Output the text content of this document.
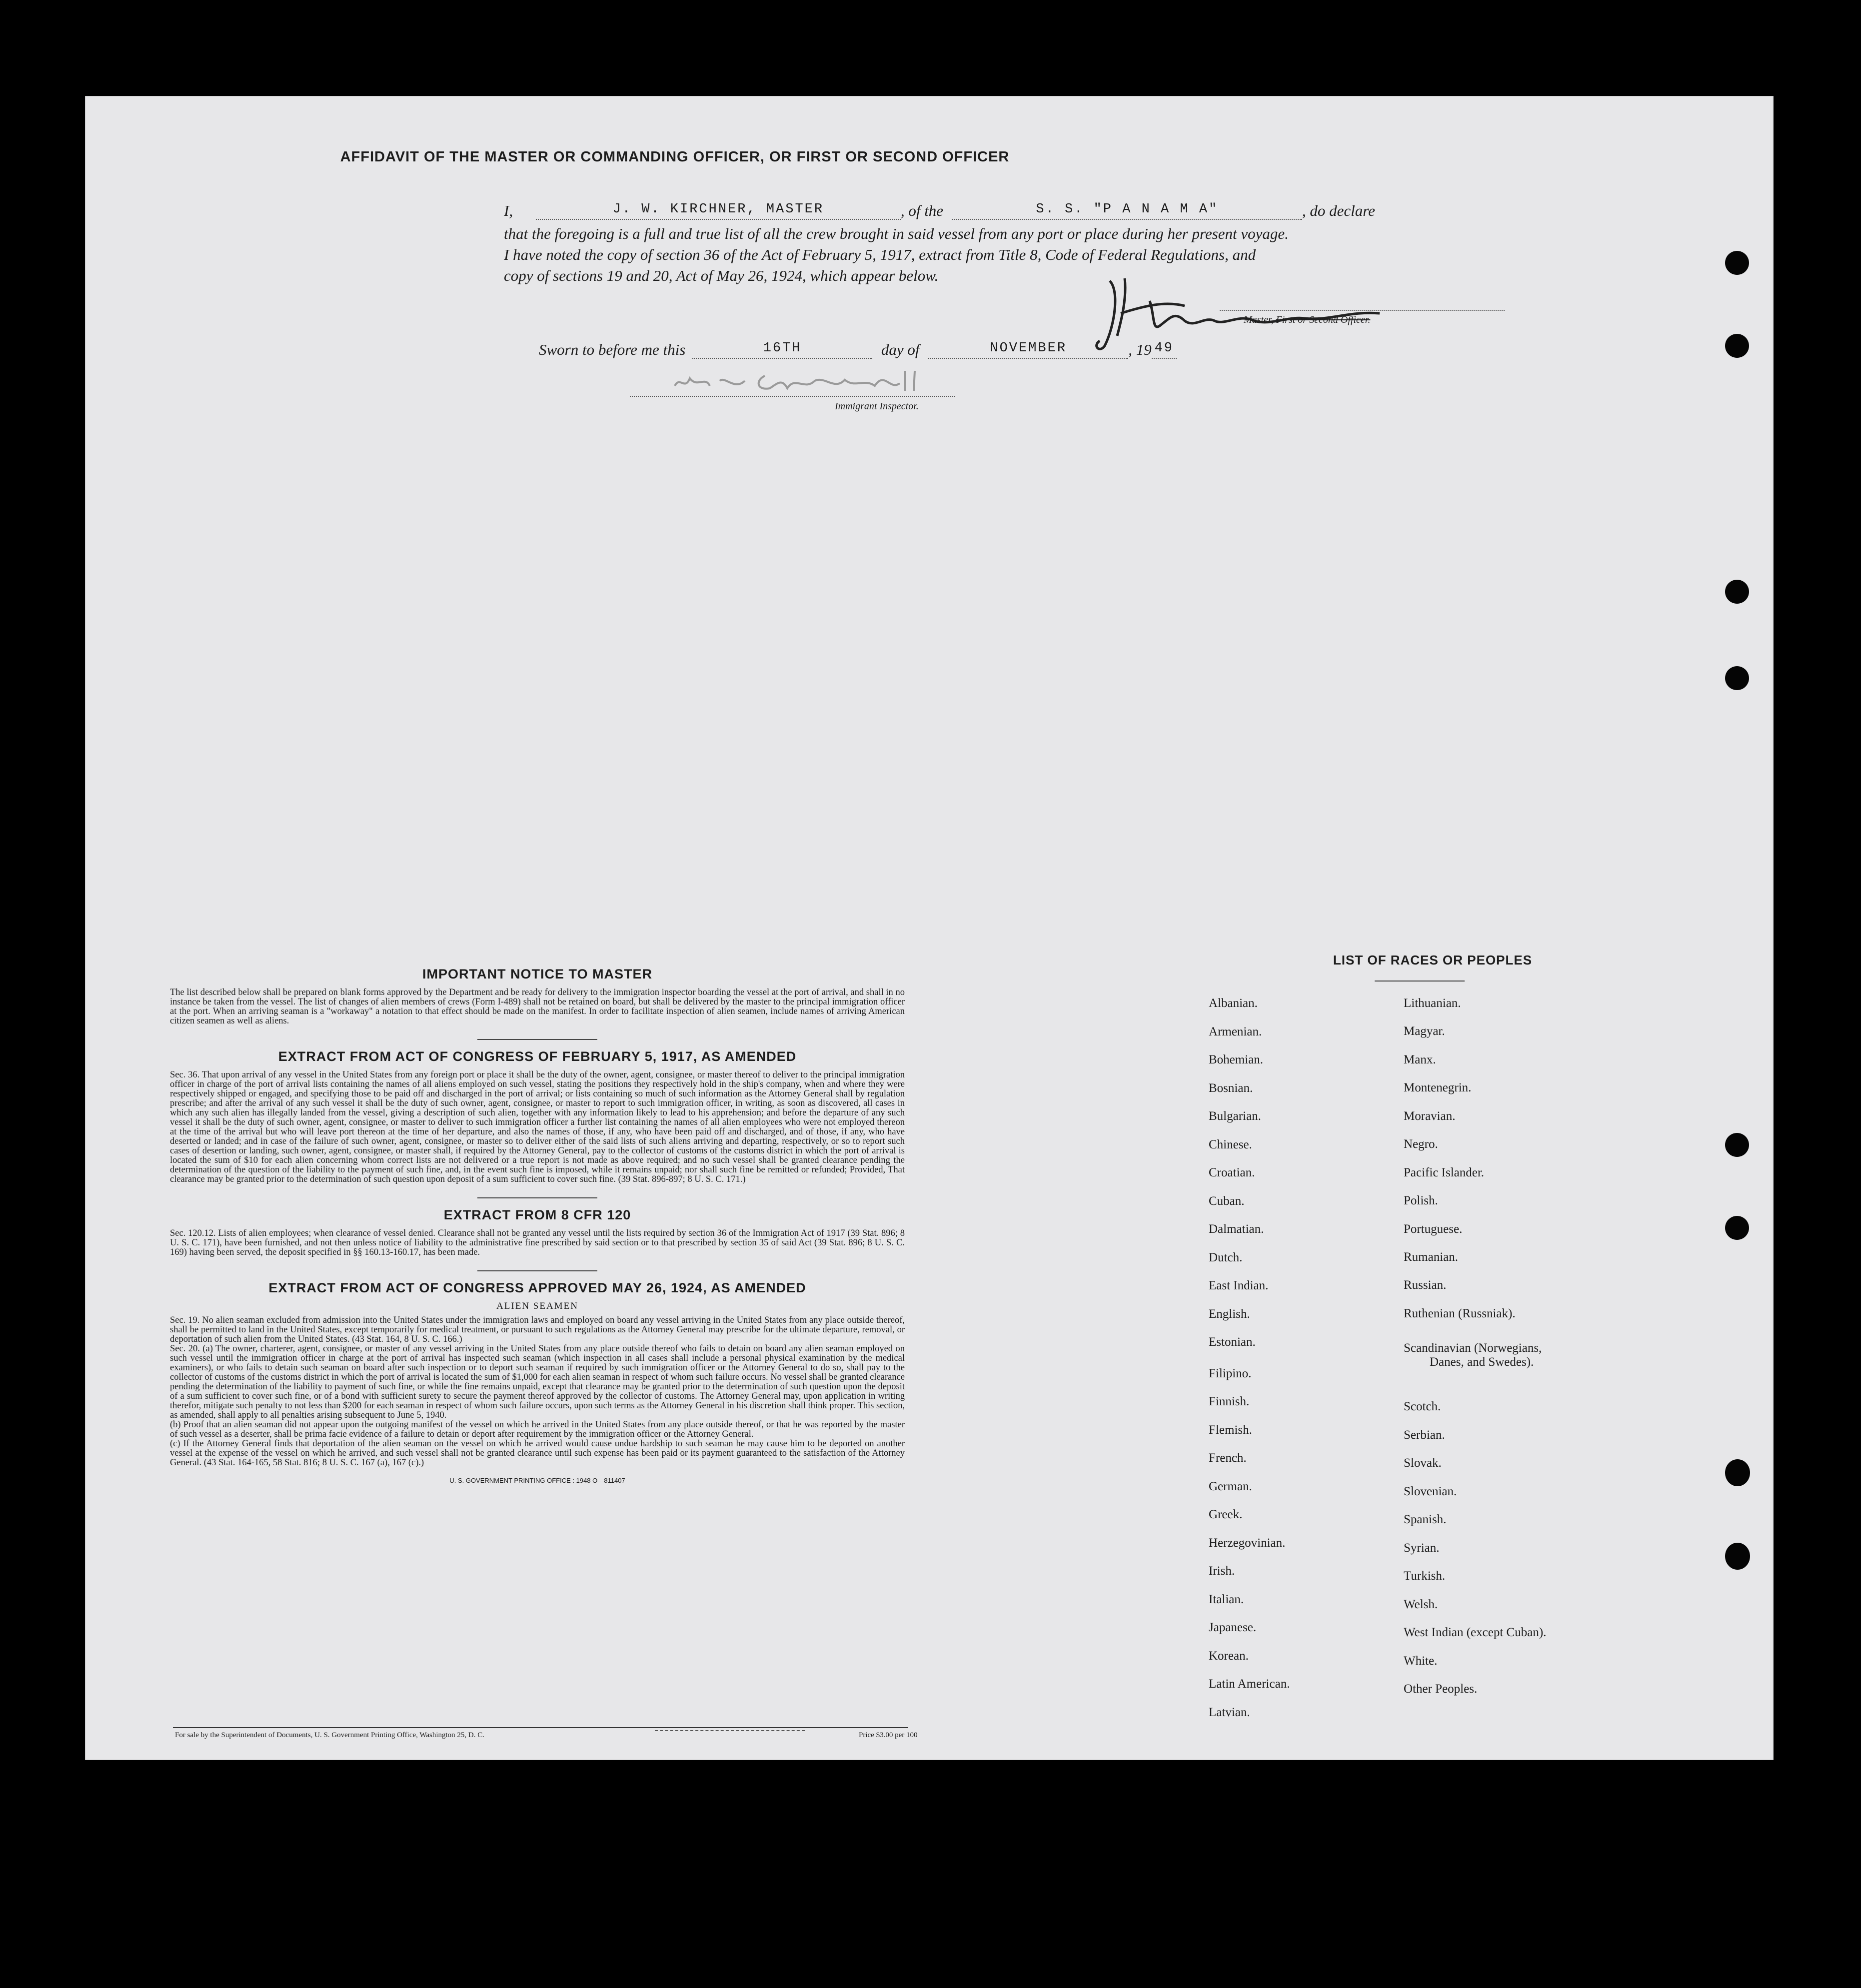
AFFIDAVIT OF THE MASTER OR COMMANDING OFFICER, OR FIRST OR SECOND OFFICER
I,	J. W. KIRCHNER, MASTER	, of the	S. S. "P A N A M A"	, do declare
that the foregoing is a full and true list of all the crew brought in said vessel from any port or place during her present voyage.
I have noted the copy of section 36 of the Act of February 5, 1917, extract from Title 8, Code of Federal Regulations, and
copy of sections 19 and 20, Act of May 26, 1924, which appear below.
Master, First or Second Officer.
Sworn to before me this	16TH	day of	NOVEMBER	, 19 49
Immigrant Inspector.
IMPORTANT NOTICE TO MASTER
The list described below shall be prepared on blank forms approved by the Department and be ready for delivery to the immigration inspector boarding the vessel at the port of arrival, and shall in no instance be taken from the vessel. The list of changes of alien members of crews (Form I-489) shall not be retained on board, but shall be delivered by the master to the principal immigration officer at the port. When an arriving seaman is a "workaway" a notation to that effect should be made on the manifest. In order to facilitate inspection of alien seamen, include names of arriving American citizen seamen as well as aliens.
EXTRACT FROM ACT OF CONGRESS OF FEBRUARY 5, 1917, AS AMENDED
Sec. 36. That upon arrival of any vessel in the United States from any foreign port or place it shall be the duty of the owner, agent, consignee, or master thereof to deliver to the principal immigration officer in charge of the port of arrival lists containing the names of all aliens employed on such vessel, stating the positions they respectively hold in the ship's company, when and where they were respectively shipped or engaged, and specifying those to be paid off and discharged in the port of arrival; or lists containing so much of such information as the Attorney General shall by regulation prescribe; and after the arrival of any such vessel it shall be the duty of such owner, agent, consignee, or master to report to such immigration officer, in writing, as soon as discovered, all cases in which any such alien has illegally landed from the vessel, giving a description of such alien, together with any information likely to lead to his apprehension; and before the departure of any such vessel it shall be the duty of such owner, agent, consignee, or master to deliver to such immigration officer a further list containing the names of all alien employees who were not employed thereon at the time of the arrival but who will leave port thereon at the time of her departure, and also the names of those, if any, who have been paid off and discharged, and of those, if any, who have deserted or landed; and in case of the failure of such owner, agent, consignee, or master so to deliver either of the said lists of such aliens arriving and departing, respectively, or so to report such cases of desertion or landing, such owner, agent, consignee, or master shall, if required by the Attorney General, pay to the collector of customs of the customs district in which the port of arrival is located the sum of $10 for each alien concerning whom correct lists are not delivered or a true report is not made as above required; and no such vessel shall be granted clearance pending the determination of the question of the liability to the payment of such fine, and, in the event such fine is imposed, while it remains unpaid; nor shall such fine be remitted or refunded; Provided, That clearance may be granted prior to the determination of such question upon deposit of a sum sufficient to cover such fine. (39 Stat. 896-897; 8 U. S. C. 171.)
EXTRACT FROM 8 CFR 120
Sec. 120.12. Lists of alien employees; when clearance of vessel denied. Clearance shall not be granted any vessel until the lists required by section 36 of the Immigration Act of 1917 (39 Stat. 896; 8 U. S. C. 171), have been furnished, and not then unless notice of liability to the administrative fine prescribed by said section or to that prescribed by section 35 of said Act (39 Stat. 896; 8 U. S. C. 169) having been served, the deposit specified in §§ 160.13-160.17, has been made.
EXTRACT FROM ACT OF CONGRESS APPROVED MAY 26, 1924, AS AMENDED
ALIEN SEAMEN
Sec. 19. No alien seaman excluded from admission into the United States under the immigration laws and employed on board any vessel arriving in the United States from any place outside thereof, shall be permitted to land in the United States, except temporarily for medical treatment, or pursuant to such regulations as the Attorney General may prescribe for the ultimate departure, removal, or deportation of such alien from the United States. (43 Stat. 164, 8 U. S. C. 166.)
Sec. 20. (a) The owner, charterer, agent, consignee, or master of any vessel arriving in the United States from any place outside thereof who fails to detain on board any alien seaman employed on such vessel until the immigration officer in charge at the port of arrival has inspected such seaman (which inspection in all cases shall include a personal physical examination by the medical examiners), or who fails to detain such seaman on board after such inspection or to deport such seaman if required by such immigration officer or the Attorney General to do so, shall pay to the collector of customs of the customs district in which the port of arrival is located the sum of $1,000 for each alien seaman in respect of whom such failure occurs. No vessel shall be granted clearance pending the determination of the liability to payment of such fine, or while the fine remains unpaid, except that clearance may be granted prior to the determination of such question upon the deposit of a sum sufficient to cover such fine, or of a bond with sufficient surety to secure the payment thereof approved by the collector of customs. The Attorney General may, upon application in writing therefor, mitigate such penalty to not less than $200 for each seaman in respect of whom such failure occurs, upon such terms as the Attorney General in his discretion shall think proper. This section, as amended, shall apply to all penalties arising subsequent to June 5, 1940.
(b) Proof that an alien seaman did not appear upon the outgoing manifest of the vessel on which he arrived in the United States from any place outside thereof, or that he was reported by the master of such vessel as a deserter, shall be prima facie evidence of a failure to detain or deport after requirement by the immigration officer or the Attorney General.
(c) If the Attorney General finds that deportation of the alien seaman on the vessel on which he arrived would cause undue hardship to such seaman he may cause him to be deported on another vessel at the expense of the vessel on which he arrived, and such vessel shall not be granted clearance until such expense has been paid or its payment guaranteed to the satisfaction of the Attorney General. (43 Stat. 164-165, 58 Stat. 816; 8 U. S. C. 167 (a), 167 (c).)
U. S. GOVERNMENT PRINTING OFFICE : 1948 O—811407
For sale by the Superintendent of Documents, U. S. Government Printing Office, Washington 25, D. C.	Price $3.00 per 100
LIST OF RACES OR PEOPLES
Albanian.
Armenian.
Bohemian.
Bosnian.
Bulgarian.
Chinese.
Croatian.
Cuban.
Dalmatian.
Dutch.
East Indian.
English.
Estonian.
Filipino.
Finnish.
Flemish.
French.
German.
Greek.
Herzegovinian.
Irish.
Italian.
Japanese.
Korean.
Latin American.
Latvian.
Lithuanian.
Magyar.
Manx.
Montenegrin.
Moravian.
Negro.
Pacific Islander.
Polish.
Portuguese.
Rumanian.
Russian.
Ruthenian (Russniak).
Scandinavian (Norwegians,
Danes, and Swedes).
Scotch.
Serbian.
Slovak.
Slovenian.
Spanish.
Syrian.
Turkish.
Welsh.
West Indian (except Cuban).
White.
Other Peoples.
